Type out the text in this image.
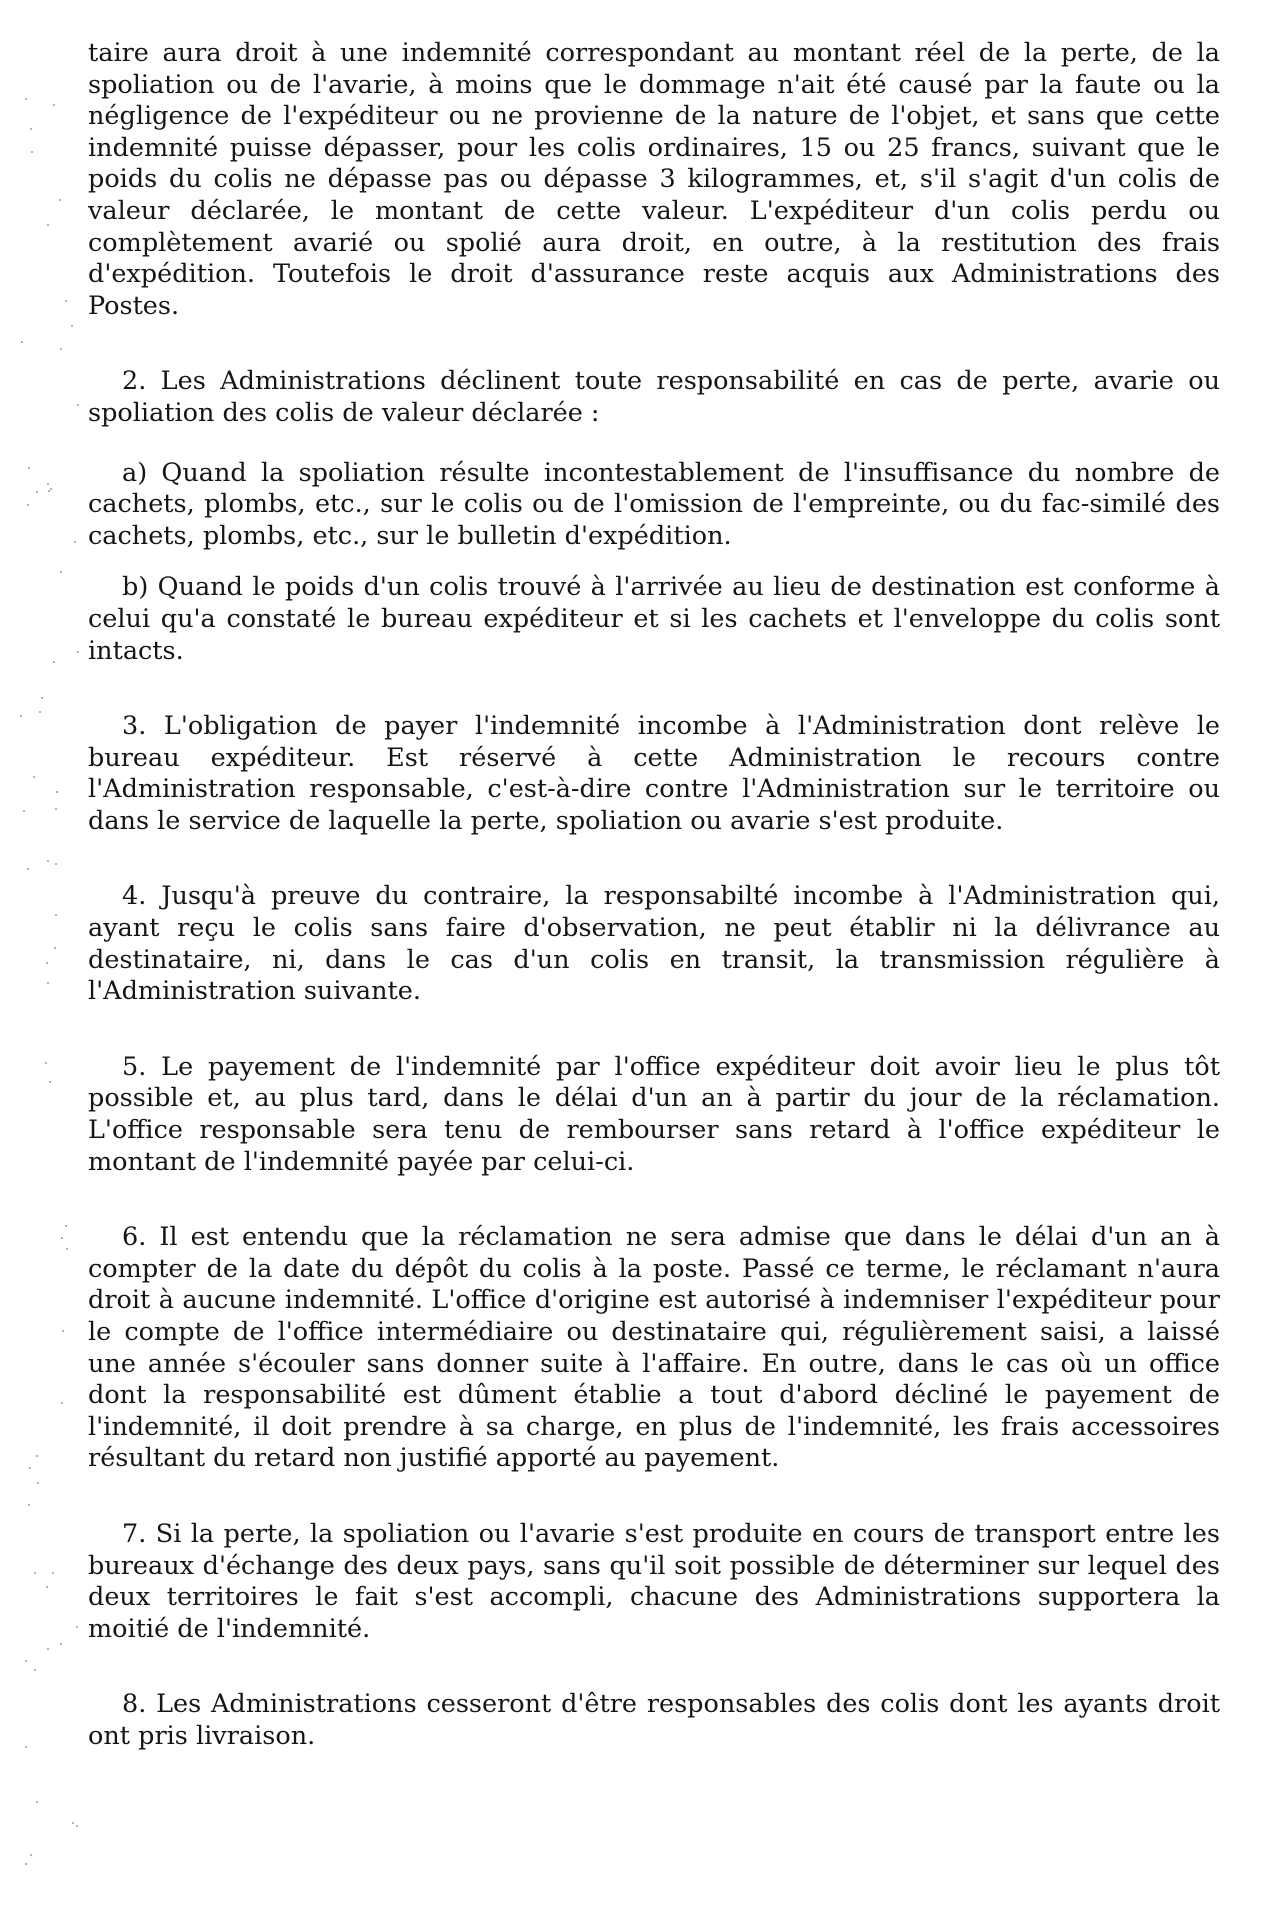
taire aura droit à une indemnité correspondant au montant réel de la perte, de la spoliation ou de l'avarie, à moins que le dommage n'ait été causé par la faute ou la négligence de l'expéditeur ou ne provienne de la nature de l'objet, et sans que cette indemnité puisse dépasser, pour les colis ordinaires, 15 ou 25 francs, suivant que le poids du colis ne dépasse pas ou dépasse 3 kilogrammes, et, s'il s'agit d'un colis de valeur déclarée, le montant de cette valeur. L'expéditeur d'un colis perdu ou complètement avarié ou spolié aura droit, en outre, à la restitution des frais d'expédition. Toutefois le droit d'assurance reste acquis aux Administrations des Postes.

2. Les Administrations déclinent toute responsabilité en cas de perte, avarie ou spoliation des colis de valeur déclarée :

a) Quand la spoliation résulte incontestablement de l'insuffisance du nombre de cachets, plombs, etc., sur le colis ou de l'omission de l'empreinte, ou du fac-similé des cachets, plombs, etc., sur le bulletin d'expédition.

b) Quand le poids d'un colis trouvé à l'arrivée au lieu de destination est conforme à celui qu'a constaté le bureau expéditeur et si les cachets et l'enveloppe du colis sont intacts.

3. L'obligation de payer l'indemnité incombe à l'Administration dont relève le bureau expéditeur. Est réservé à cette Administration le recours contre l'Administration responsable, c'est-à-dire contre l'Administration sur le territoire ou dans le service de laquelle la perte, spoliation ou avarie s'est produite.

4. Jusqu'à preuve du contraire, la responsabilté incombe à l'Administration qui, ayant reçu le colis sans faire d'observation, ne peut établir ni la délivrance au destinataire, ni, dans le cas d'un colis en transit, la transmission régulière à l'Administration suivante.

5. Le payement de l'indemnité par l'office expéditeur doit avoir lieu le plus tôt possible et, au plus tard, dans le délai d'un an à partir du jour de la réclamation. L'office responsable sera tenu de rembourser sans retard à l'office expéditeur le montant de l'indemnité payée par celui-ci.

6. Il est entendu que la réclamation ne sera admise que dans le délai d'un an à compter de la date du dépôt du colis à la poste. Passé ce terme, le réclamant n'aura droit à aucune indemnité. L'office d'origine est autorisé à indemniser l'expéditeur pour le compte de l'office intermédiaire ou destinataire qui, régulièrement saisi, a laissé une année s'écouler sans donner suite à l'affaire. En outre, dans le cas où un office dont la responsabilité est dûment établie a tout d'abord décliné le payement de l'indemnité, il doit prendre à sa charge, en plus de l'indemnité, les frais accessoires résultant du retard non justifié apporté au payement.

7. Si la perte, la spoliation ou l'avarie s'est produite en cours de transport entre les bureaux d'échange des deux pays, sans qu'il soit possible de déterminer sur lequel des deux territoires le fait s'est accompli, chacune des Administrations supportera la moitié de l'indemnité.

8. Les Administrations cesseront d'être responsables des colis dont les ayants droit ont pris livraison.
